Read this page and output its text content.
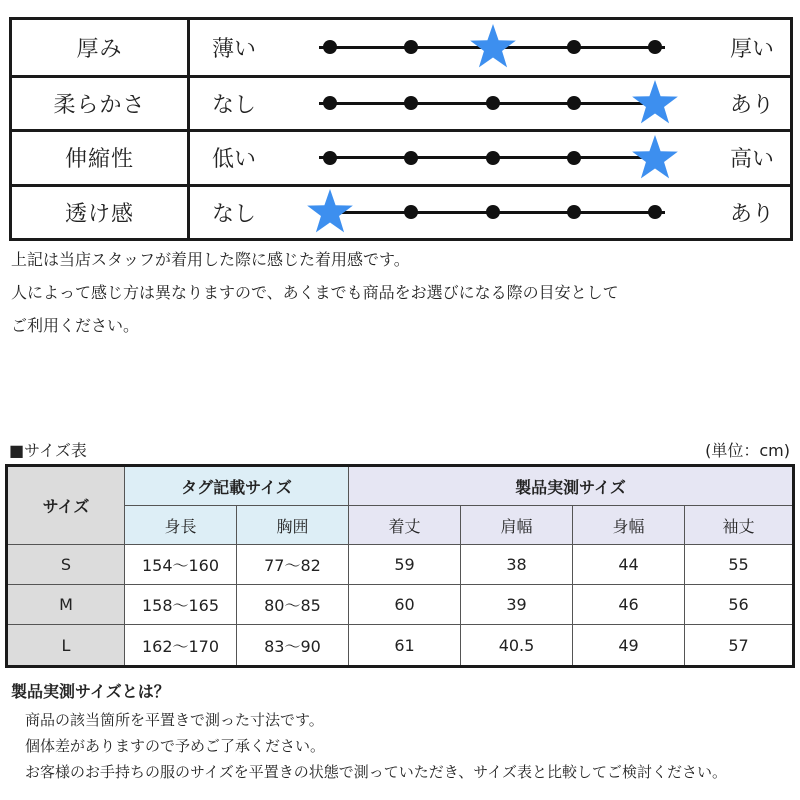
厚み	薄い	厚い
柔らかさ	なし	あり
伸縮性	低い	高い
透け感	なし	あり
上記は当店スタッフが着用した際に感じた着用感です。
人によって感じ方は異なりますので、あくまでも商品をお選びになる際の目安として
ご利用ください。
■サイズ表	(単位：cm)
サイズ
タグ記載サイズ	製品実測サイズ
身長	胸囲	着丈	肩幅	身幅	袖丈
S	154〜160	77〜82	59	38	44	55
M	158〜165	80〜85	60	39	46	56
L	162〜170	83〜90	61	40.5	49	57
製品実測サイズとは？
商品の該当箇所を平置きで測った寸法です。
個体差がありますので予めご了承ください。
お客様のお手持ちの服のサイズを平置きの状態で測っていただき、サイズ表と比較してご検討ください。
